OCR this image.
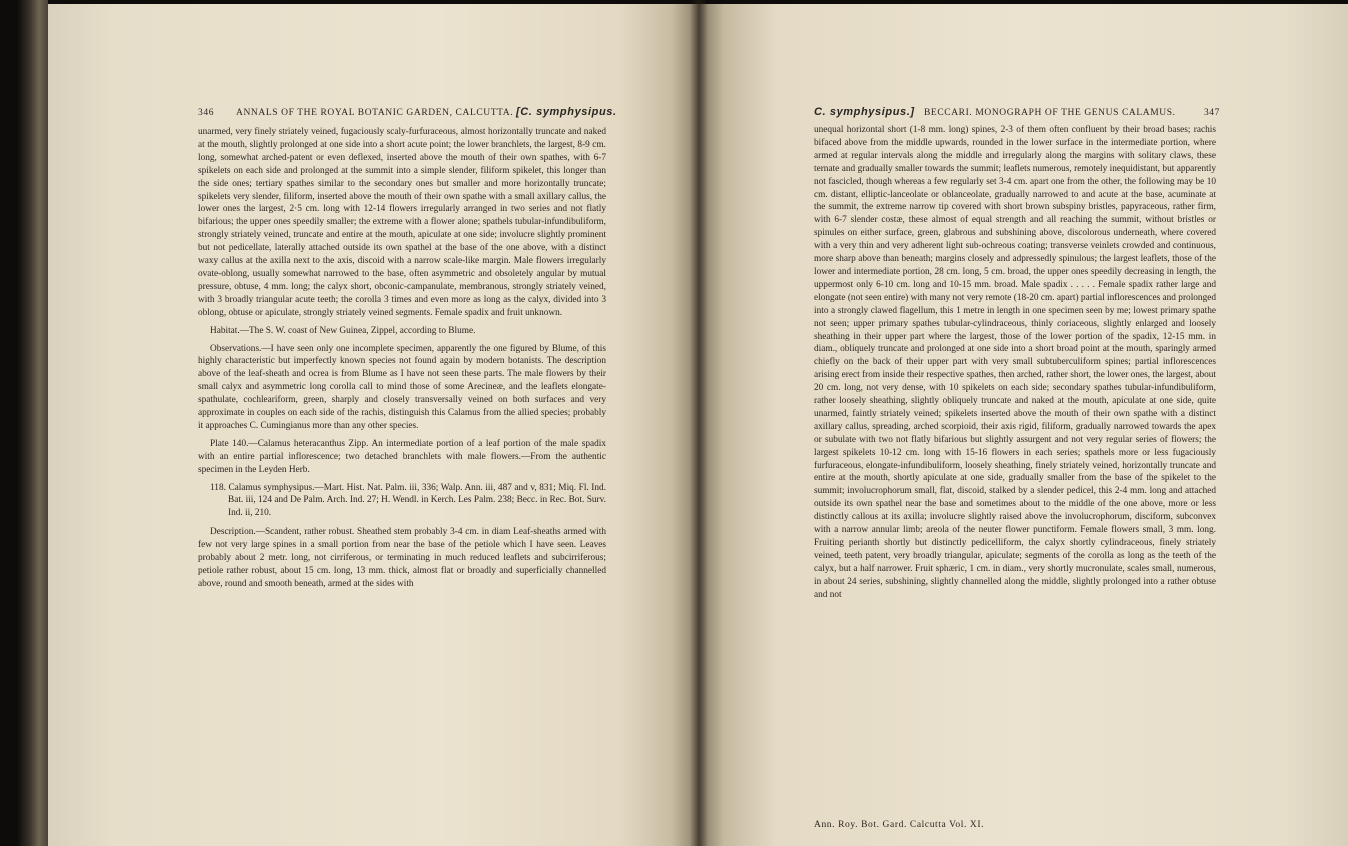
346 ANNALS OF THE ROYAL BOTANIC GARDEN, CALCUTTA. [C. symphysipus.

unarmed, very finely striately veined, fugaciously scaly-furfuraceous, almost horizontally truncate and naked at the mouth, slightly prolonged at one side into a short acute point; the lower branchlets, the largest, 8-9 cm. long, somewhat arched-patent or even deflexed, inserted above the mouth of their own spathes, with 6-7 spikelets on each side and prolonged at the summit into a simple slender, filiform spikelet, this longer than the side ones; tertiary spathes similar to the secondary ones but smaller and more horizontally truncate; spikelets very slender, filiform, inserted above the mouth of their own spathe with a small axillary callus, the lower ones the largest, 2·5 cm. long with 12-14 flowers irregularly arranged in two series and not flatly bifarious; the upper ones speedily smaller; the extreme with a flower alone; spathels tubular-infundibuliform, strongly striately veined, truncate and entire at the mouth, apiculate at one side; involucre slightly prominent but not pedicellate, laterally attached outside its own spathel at the base of the one above, with a distinct waxy callus at the axilla next to the axis, discoid with a narrow scale-like margin. Male flowers irregularly ovate-oblong, usually somewhat narrowed to the base, often asymmetric and obsoletely angular by mutual pressure, obtuse, 4 mm. long; the calyx short, obconic-campanulate, membranous, strongly striately veined, with 3 broadly triangular acute teeth; the corolla 3 times and even more as long as the calyx, divided into 3 oblong, obtuse or apiculate, strongly striately veined segments. Female spadix and fruit unknown.

Habitat.—The S. W. coast of New Guinea, Zippel, according to Blume.

Observations.—I have seen only one incomplete specimen, apparently the one figured by Blume, of this highly characteristic but imperfectly known species not found again by modern botanists. The description above of the leaf-sheath and ocrea is from Blume as I have not seen these parts. The male flowers by their small calyx and asymmetric long corolla call to mind those of some Arecineæ, and the leaflets elongate-spathulate, cochleariform, green, sharply and closely transversally veined on both surfaces and very approximate in couples on each side of the rachis, distinguish this Calamus from the allied species; probably it approaches C. Cumingianus more than any other species.

Plate 140.—Calamus heteracanthus Zipp. An intermediate portion of a leaf portion of the male spadix with an entire partial inflorescence; two detached branchlets with male flowers.—From the authentic specimen in the Leyden Herb.

118. Calamus symphysipus.—Mart. Hist. Nat. Palm. iii, 336; Walp. Ann. iii, 487 and v, 831; Miq. Fl. Ind. Bat. iii, 124 and De Palm. Arch. Ind. 27; H. Wendl. in Kerch. Les Palm. 238; Becc. in Rec. Bot. Surv. Ind. ii, 210.

Description.—Scandent, rather robust. Sheathed stem probably 3-4 cm. in diam Leaf-sheaths armed with few not very large spines in a small portion from near the base of the petiole which I have seen. Leaves probably about 2 metr. long, not cirriferous, or terminating in much reduced leaflets and subcirriferous; petiole rather robust, about 15 cm. long, 13 mm. thick, almost flat or broadly and superficially channelled above, round and smooth beneath, armed at the sides with

C. symphysipus.] BECCARI. MONOGRAPH OF THE GENUS CALAMUS.	347

unequal horizontal short (1-8 mm. long) spines, 2-3 of them often confluent by their broad bases; rachis bifaced above from the middle upwards, rounded in the lower surface in the intermediate portion, where armed at regular intervals along the middle and irregularly along the margins with solitary claws, these ternate and gradually smaller towards the summit; leaflets numerous, remotely inequidistant, but apparently not fascicled, though whereas a few regularly set 3-4 cm. apart one from the other, the following may be 10 cm. distant, elliptic-lanceolate or oblanceolate, gradually narrowed to and acute at the base, acuminate at the summit, the extreme narrow tip covered with short brown subspiny bristles, papyraceous, rather firm, with 6-7 slender costæ, these almost of equal strength and all reaching the summit, without bristles or spinules on either surface, green, glabrous and subshining above, discolorous underneath, where covered with a very thin and very adherent light sub-ochreous coating; transverse veinlets crowded and continuous, more sharp above than beneath; margins closely and adpressedly spinulous; the largest leaflets, those of the lower and intermediate portion, 28 cm. long, 5 cm. broad, the upper ones speedily decreasing in length, the uppermost only 6-10 cm. long and 10-15 mm. broad. Male spadix . . . . . Female spadix rather large and elongate (not seen entire) with many not very remote (18-20 cm. apart) partial inflorescences and prolonged into a strongly clawed flagellum, this 1 metre in length in one specimen seen by me; lowest primary spathe not seen; upper primary spathes tubular-cylindraceous, thinly coriaceous, slightly enlarged and loosely sheathing in their upper part where the largest, those of the lower portion of the spadix, 12-15 mm. in diam., obliquely truncate and prolonged at one side into a short broad point at the mouth, sparingly armed chiefly on the back of their upper part with very small subtuberculiform spines; partial inflorescences arising erect from inside their respective spathes, then arched, rather short, the lower ones, the largest, about 20 cm. long, not very dense, with 10 spikelets on each side; secondary spathes tubular-infundibuliform, rather loosely sheathing, slightly obliquely truncate and naked at the mouth, apiculate at one side, quite unarmed, faintly striately veined; spikelets inserted above the mouth of their own spathe with a distinct axillary callus, spreading, arched scorpioid, their axis rigid, filiform, gradually narrowed towards the apex or subulate with two not flatly bifarious but slightly assurgent and not very regular series of flowers; the largest spikelets 10-12 cm. long with 15-16 flowers in each series; spathels more or less fugaciously furfuraceous, elongate-infundibuliform, loosely sheathing, finely striately veined, horizontally truncate and entire at the mouth, shortly apiculate at one side, gradually smaller from the base of the spikelet to the summit; involucrophorum small, flat, discoid, stalked by a slender pedicel, this 2-4 mm. long and attached outside its own spathel near the base and sometimes about to the middle of the one above, more or less distinctly callous at its axilla; involucre slightly raised above the involucrophorum, disciform, subconvex with a narrow annular limb; areola of the neuter flower punctiform. Female flowers small, 3 mm. long. Fruiting perianth shortly but distinctly pedicelliform, the calyx shortly cylindraceous, finely striately veined, teeth patent, very broadly triangular, apiculate; segments of the corolla as long as the teeth of the calyx, but a half narrower. Fruit sphæric, 1 cm. in diam., very shortly mucronulate, scales small, numerous, in about 24 series, subshining, slightly channelled along the middle, slightly prolonged into a rather obtuse and not

Ann. Roy. Bot. Gard. Calcutta Vol. XI.
